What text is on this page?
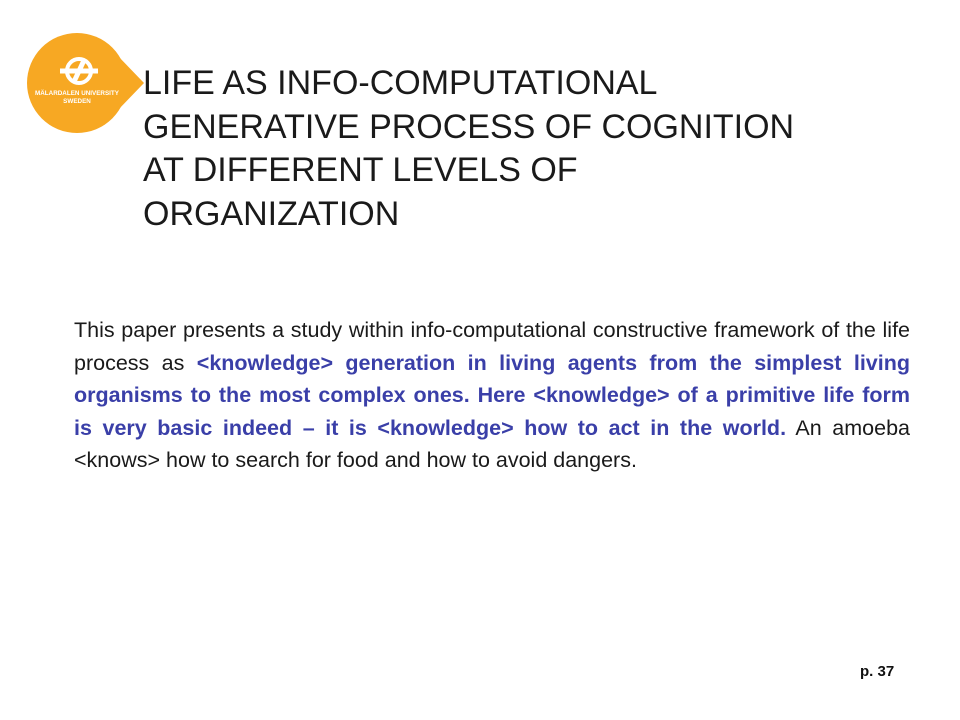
MÄLARDALEN UNIVERSITY
SWEDEN LIFE AS INFO-COMPUTATIONAL
GENERATIVE PROCESS OF COGNITION
AT DIFFERENT LEVELS OF
ORGANIZATION
This paper presents a study within info-computational constructive framework of the life process as <knowledge> generation in living agents from the simplest living organisms to the most complex ones. Here <knowledge> of a primitive life form is very basic indeed – it is <knowledge> how to act in the world. An amoeba <knows> how to search for food and how to avoid dangers.
p. 37
